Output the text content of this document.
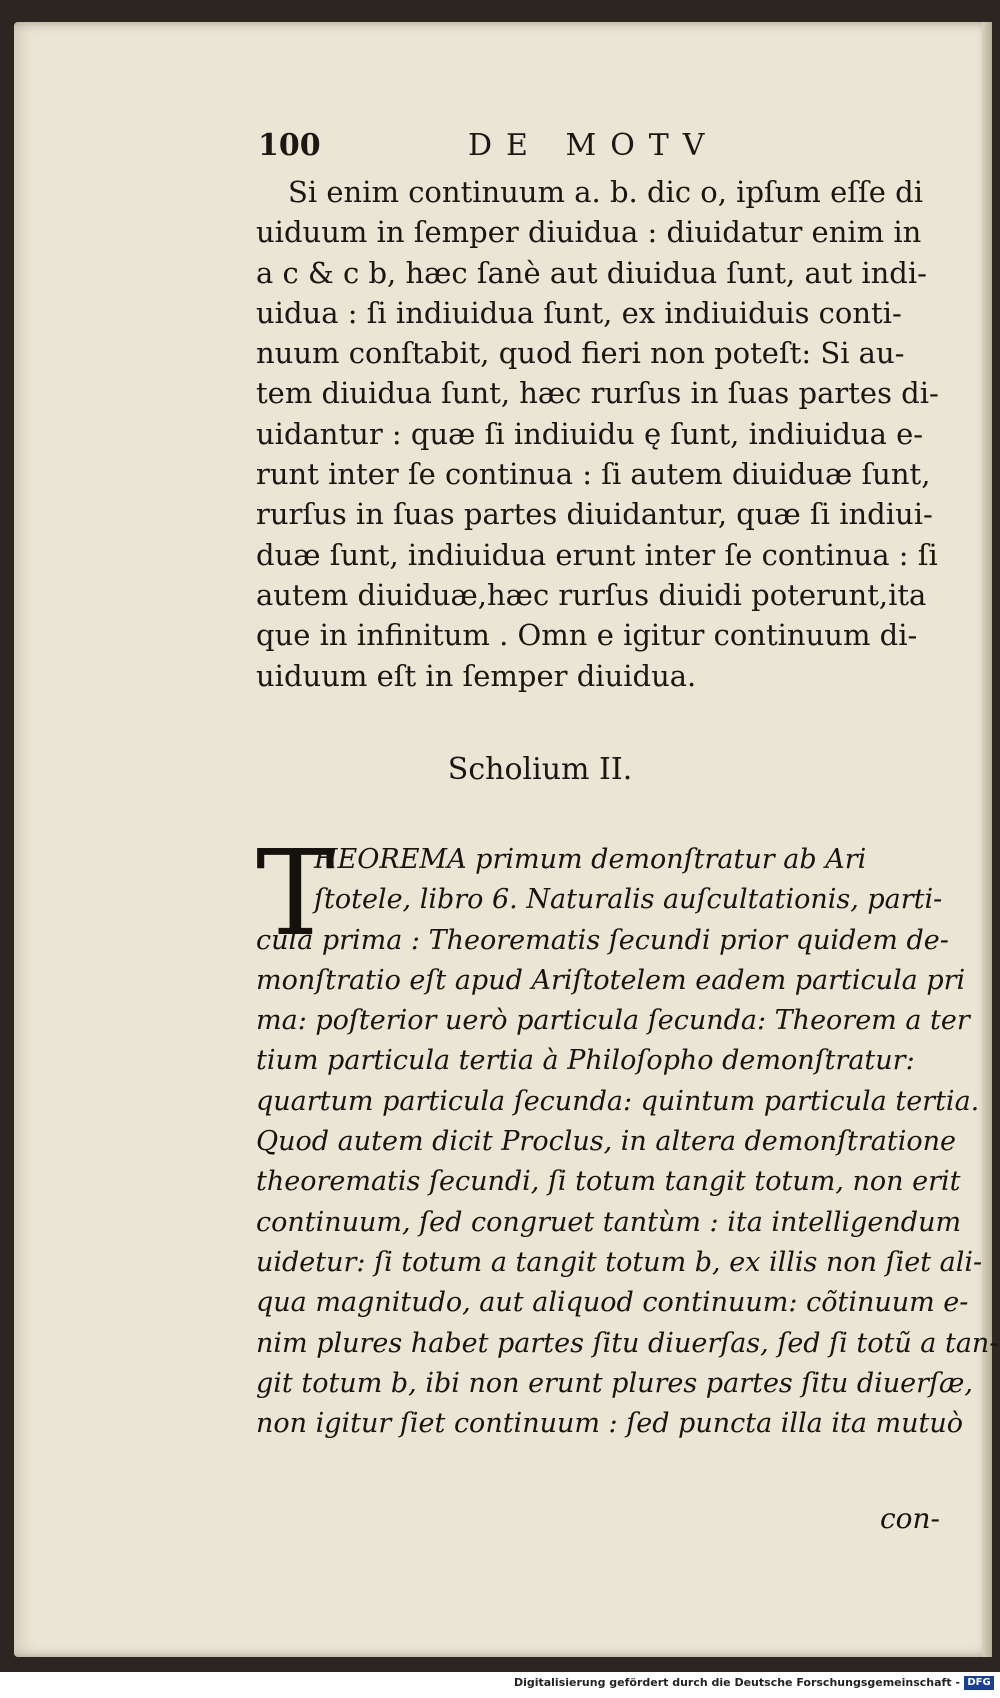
100	DE MOTV
Si enim continuum a. b. dic o, ipſum eſſe di
uiduum in ſemper diuidua : diuidatur enim in
a c & c b, hæc ſanè aut diuidua ſunt, aut indi-
uidua : ſi indiuidua ſunt, ex indiuiduis conti-
nuum conſtabit, quod fieri non poteſt: Si au-
tem diuidua ſunt, hæc rurſus in ſuas partes di-
uidantur : quæ ſi indiuidu ę ſunt, indiuidua e-
runt inter ſe continua : ſi autem diuiduæ ſunt,
rurſus in ſuas partes diuidantur, quæ ſi indiui-
duæ ſunt, indiuidua erunt inter ſe continua : ſi
autem diuiduæ,hæc rurſus diuidi poterunt,ita
que in infinitum . Omn e igitur continuum di-
uiduum eſt in ſemper diuidua.
Scholium II.
T
HEOREMA primum demonſtratur ab Ari
ſtotele, libro 6. Naturalis auſcultationis, parti-
cula prima : Theorematis ſecundi prior quidem de-
monſtratio eſt apud Ariſtotelem eadem particula pri
ma: poſterior uerò particula ſecunda: Theorem a ter
tium particula tertia à Philoſopho demonſtratur:
quartum particula ſecunda: quintum particula tertia.
Quod autem dicit Proclus, in altera demonſtratione
theorematis ſecundi, ſi totum tangit totum, non erit
continuum, ſed congruet tantùm : ita intelligendum
uidetur: ſi totum a tangit totum b, ex illis non ſiet ali-
qua magnitudo, aut aliquod continuum: cõtinuum e-
nim plures habet partes ſitu diuerſas, ſed ſi totũ a tan-
git totum b, ibi non erunt plures partes ſitu diuerſæ,
non igitur ſiet continuum : ſed puncta illa ita mutuò
con-
Digitalisierung gefördert durch die Deutsche Forschungsgemeinschaft - DFG
